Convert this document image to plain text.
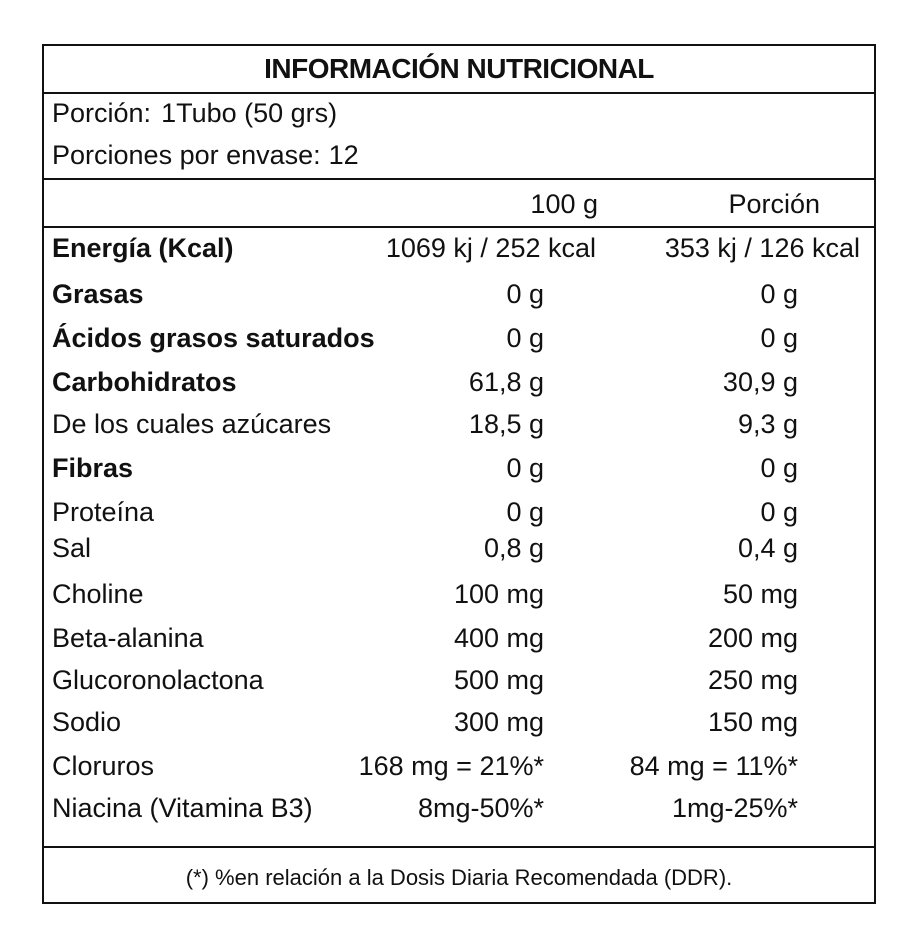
INFORMACIÓN NUTRICIONAL
Porción: 1Tubo (50 grs)
Porciones por envase: 12
100 g	Porción
Energía (Kcal)	1069 kj / 252 kcal	353 kj / 126 kcal
Grasas	0 g	0 g
Ácidos grasos saturados	0 g	0 g
Carbohidratos	61,8 g	30,9 g
De los cuales azúcares	18,5 g	9,3 g
Fibras	0 g	0 g
Proteína	0 g	0 g
Sal	0,8 g	0,4 g
Choline	100 mg	50 mg
Beta-alanina	400 mg	200 mg
Glucoronolactona	500 mg	250 mg
Sodio	300 mg	150 mg
Cloruros	168 mg = 21%*	84 mg = 11%*
Niacina (Vitamina B3)	8mg-50%*	1mg-25%*
(*) %en relación a la Dosis Diaria Recomendada (DDR).
